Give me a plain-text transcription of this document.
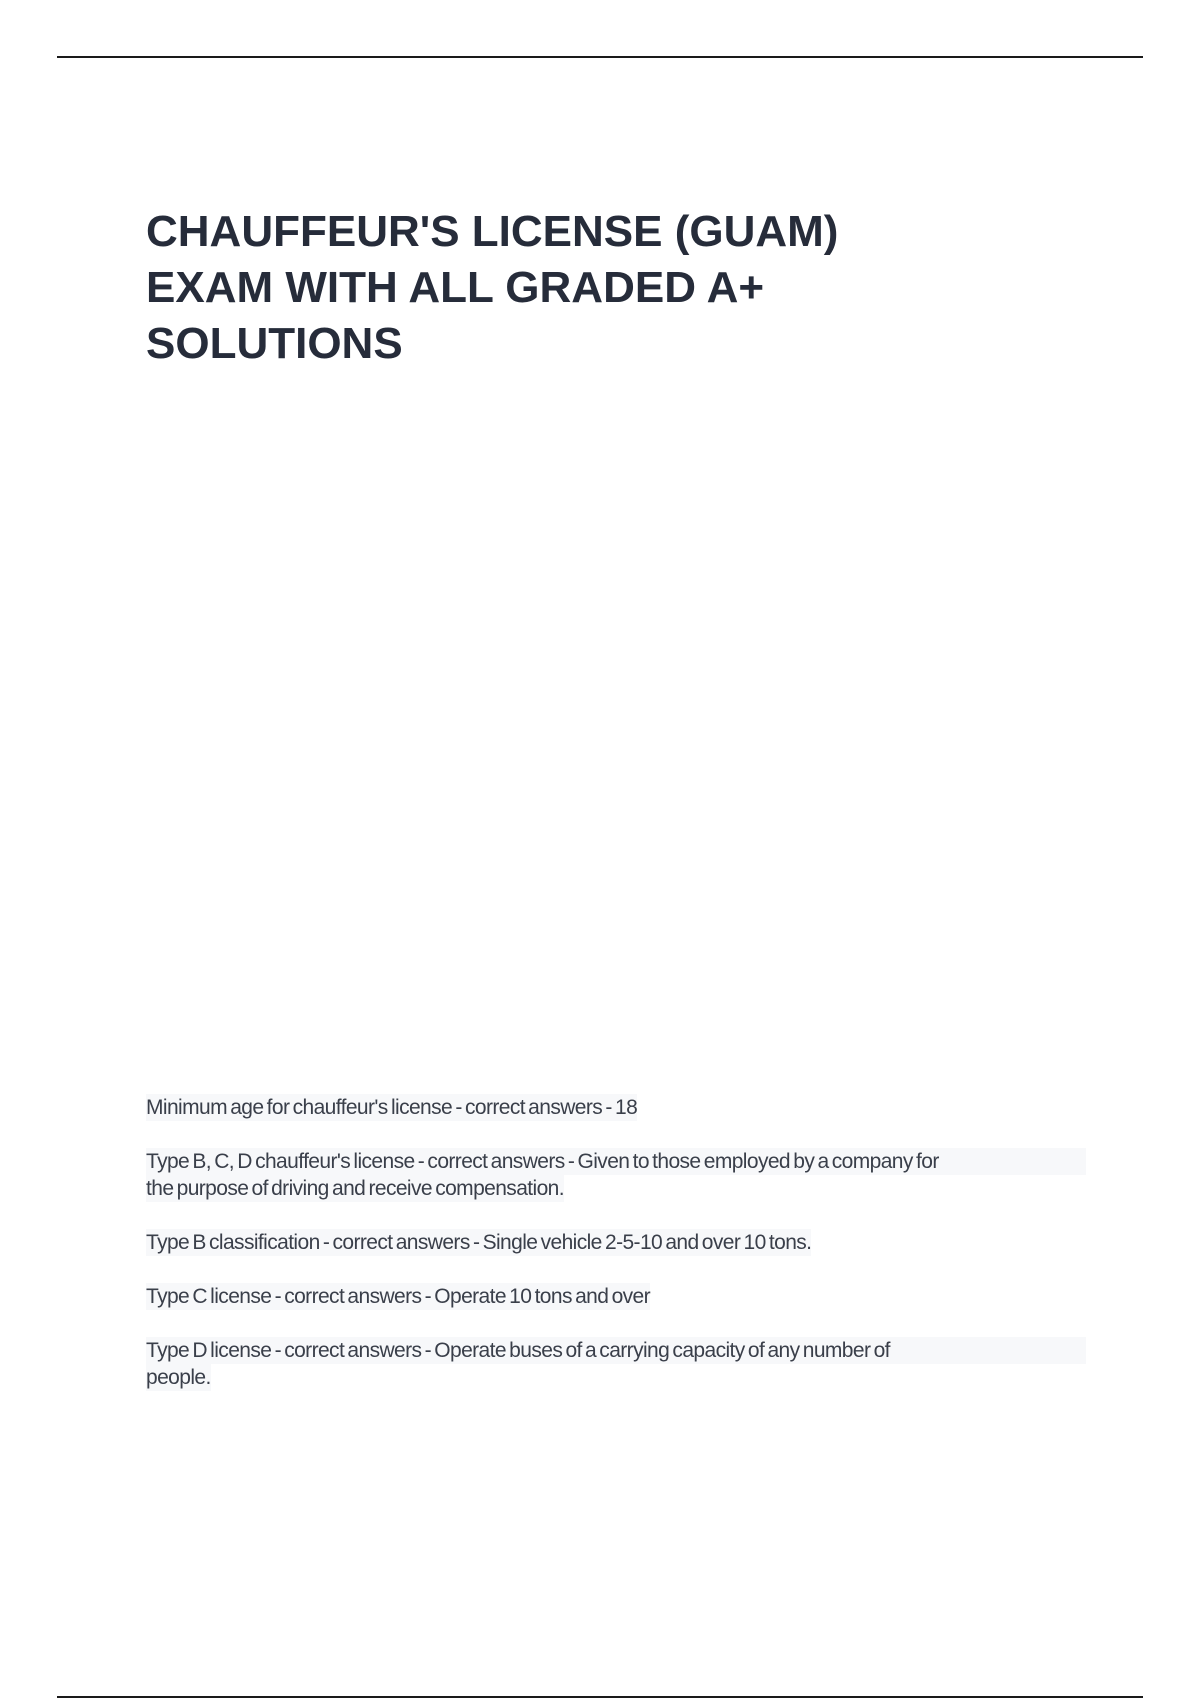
CHAUFFEUR'S LICENSE (GUAM)
EXAM WITH ALL GRADED A+
SOLUTIONS
Minimum age for chauffeur's license - correct answers - 18
Type B, C, D chauffeur's license - correct answers - Given to those employed by a company for
the purpose of driving and receive compensation.
Type B classification - correct answers - Single vehicle 2-5-10 and over 10 tons.
Type C license - correct answers - Operate 10 tons and over
Type D license - correct answers - Operate buses of a carrying capacity of any number of
people.
